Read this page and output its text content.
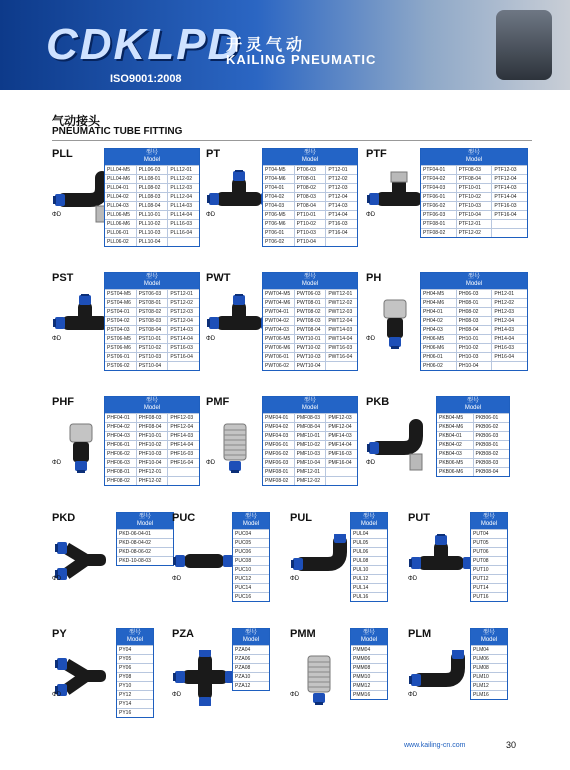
CDKLPD
ISO9001:2008
开灵气动
KAILING PNEUMATIC
气动接头
PNEUMATIC TUBE FITTING
PLL
ΦD
型号
Model
PLL04-M5	PLL06-03	PLL12-01
PLL04-M6	PLL08-01	PLL12-02
PLL04-01	PLL08-02	PLL12-03
PLL04-02	PLL08-03	PLL12-04
PLL04-03	PLL08-04	PLL14-03
PLL06-M5	PLL10-01	PLL14-04
PLL06-M6	PLL10-02	PLL16-03
PLL06-01	PLL10-03	PLL16-04
PLL06-02	PLL10-04
PT
ΦD
型号
Model
PT04-M5	PT06-03	PT12-01
PT04-M6	PT08-01	PT12-02
PT04-01	PT08-02	PT12-03
PT04-02	PT08-03	PT12-04
PT04-03	PT08-04	PT14-03
PT06-M5	PT10-01	PT14-04
PT06-M6	PT10-02	PT16-03
PT06-01	PT10-03	PT16-04
PT06-02	PT10-04
PTF
ΦD
型号
Model
PTF04-01	PTF08-03	PTF12-03
PTF04-02	PTF08-04	PTF12-04
PTF04-03	PTF10-01	PTF14-03
PTF06-01	PTF10-02	PTF14-04
PTF06-02	PTF10-03	PTF16-03
PTF06-03	PTF10-04	PTF16-04
PTF08-01	PTF12-01
PTF08-02	PTF12-02
PST
ΦD
型号
Model
PST04-M5	PST06-03	PST12-01
PST04-M6	PST08-01	PST12-02
PST04-01	PST08-02	PST12-03
PST04-02	PST08-03	PST12-04
PST04-03	PST08-04	PST14-03
PST06-M5	PST10-01	PST14-04
PST06-M6	PST10-02	PST16-03
PST06-01	PST10-03	PST16-04
PST06-02	PST10-04
PWT
ΦD
型号
Model
PWT04-M5	PWT06-03	PWT12-01
PWT04-M6	PWT08-01	PWT12-02
PWT04-01	PWT08-02	PWT12-03
PWT04-02	PWT08-03	PWT12-04
PWT04-03	PWT08-04	PWT14-03
PWT06-M5	PWT10-01	PWT14-04
PWT06-M6	PWT10-02	PWT16-03
PWT06-01	PWT10-03	PWT16-04
PWT06-02	PWT10-04
PH
ΦD
型号
Model
PH04-M5	PH06-03	PH12-01
PH04-M6	PH08-01	PH12-02
PH04-01	PH08-02	PH12-03
PH04-02	PH08-03	PH12-04
PH04-03	PH08-04	PH14-03
PH06-M5	PH10-01	PH14-04
PH06-M6	PH10-02	PH16-03
PH06-01	PH10-03	PH16-04
PH06-02	PH10-04
PHF
ΦD
型号
Model
PHF04-01	PHF08-03	PHF12-03
PHF04-02	PHF08-04	PHF12-04
PHF04-03	PHF10-01	PHF14-03
PHF06-01	PHF10-02	PHF14-04
PHF06-02	PHF10-03	PHF16-03
PHF06-03	PHF10-04	PHF16-04
PHF08-01	PHF12-01
PHF08-02	PHF12-02
PMF
ΦD
型号
Model
PMF04-01	PMF08-03	PMF12-03
PMF04-02	PMF08-04	PMF12-04
PMF04-03	PMF10-01	PMF14-03
PMF06-01	PMF10-02	PMF14-04
PMF06-02	PMF10-03	PMF16-03
PMF06-03	PMF10-04	PMF16-04
PMF08-01	PMF12-01
PMF08-02	PMF12-02
PKB
ΦD
型号
Model
PKB04-M5	PKB06-01
PKB04-M6	PKB06-02
PKB04-01	PKB06-03
PKB04-02	PKB08-01
PKB04-03	PKB08-02
PKB06-M5	PKB08-03
PKB06-M6	PKB08-04
PKD
ΦD
型号
Model
PKD-06-04-01
PKD-08-04-02
PKD-08-06-02
PKD-10-08-03
PUC
ΦD
型号
Model
PUC04
PUC05
PUC06
PUC08
PUC10
PUC12
PUC14
PUC16
PUL
ΦD
型号
Model
PUL04
PUL05
PUL06
PUL08
PUL10
PUL12
PUL14
PUL16
PUT
ΦD
型号
Model
PUT04
PUT05
PUT06
PUT08
PUT10
PUT12
PUT14
PUT16
PY
ΦD
型号
Model
PY04
PY05
PY06
PY08
PY10
PY12
PY14
PY16
PZA
ΦD
型号
Model
PZA04
PZA06
PZA08
PZA10
PZA12
PMM
ΦD
型号
Model
PMM04
PMM06
PMM08
PMM10
PMM12
PMM16
PLM
ΦD
型号
Model
PLM04
PLM06
PLM08
PLM10
PLM12
PLM16
www.kailing-cn.com	30
